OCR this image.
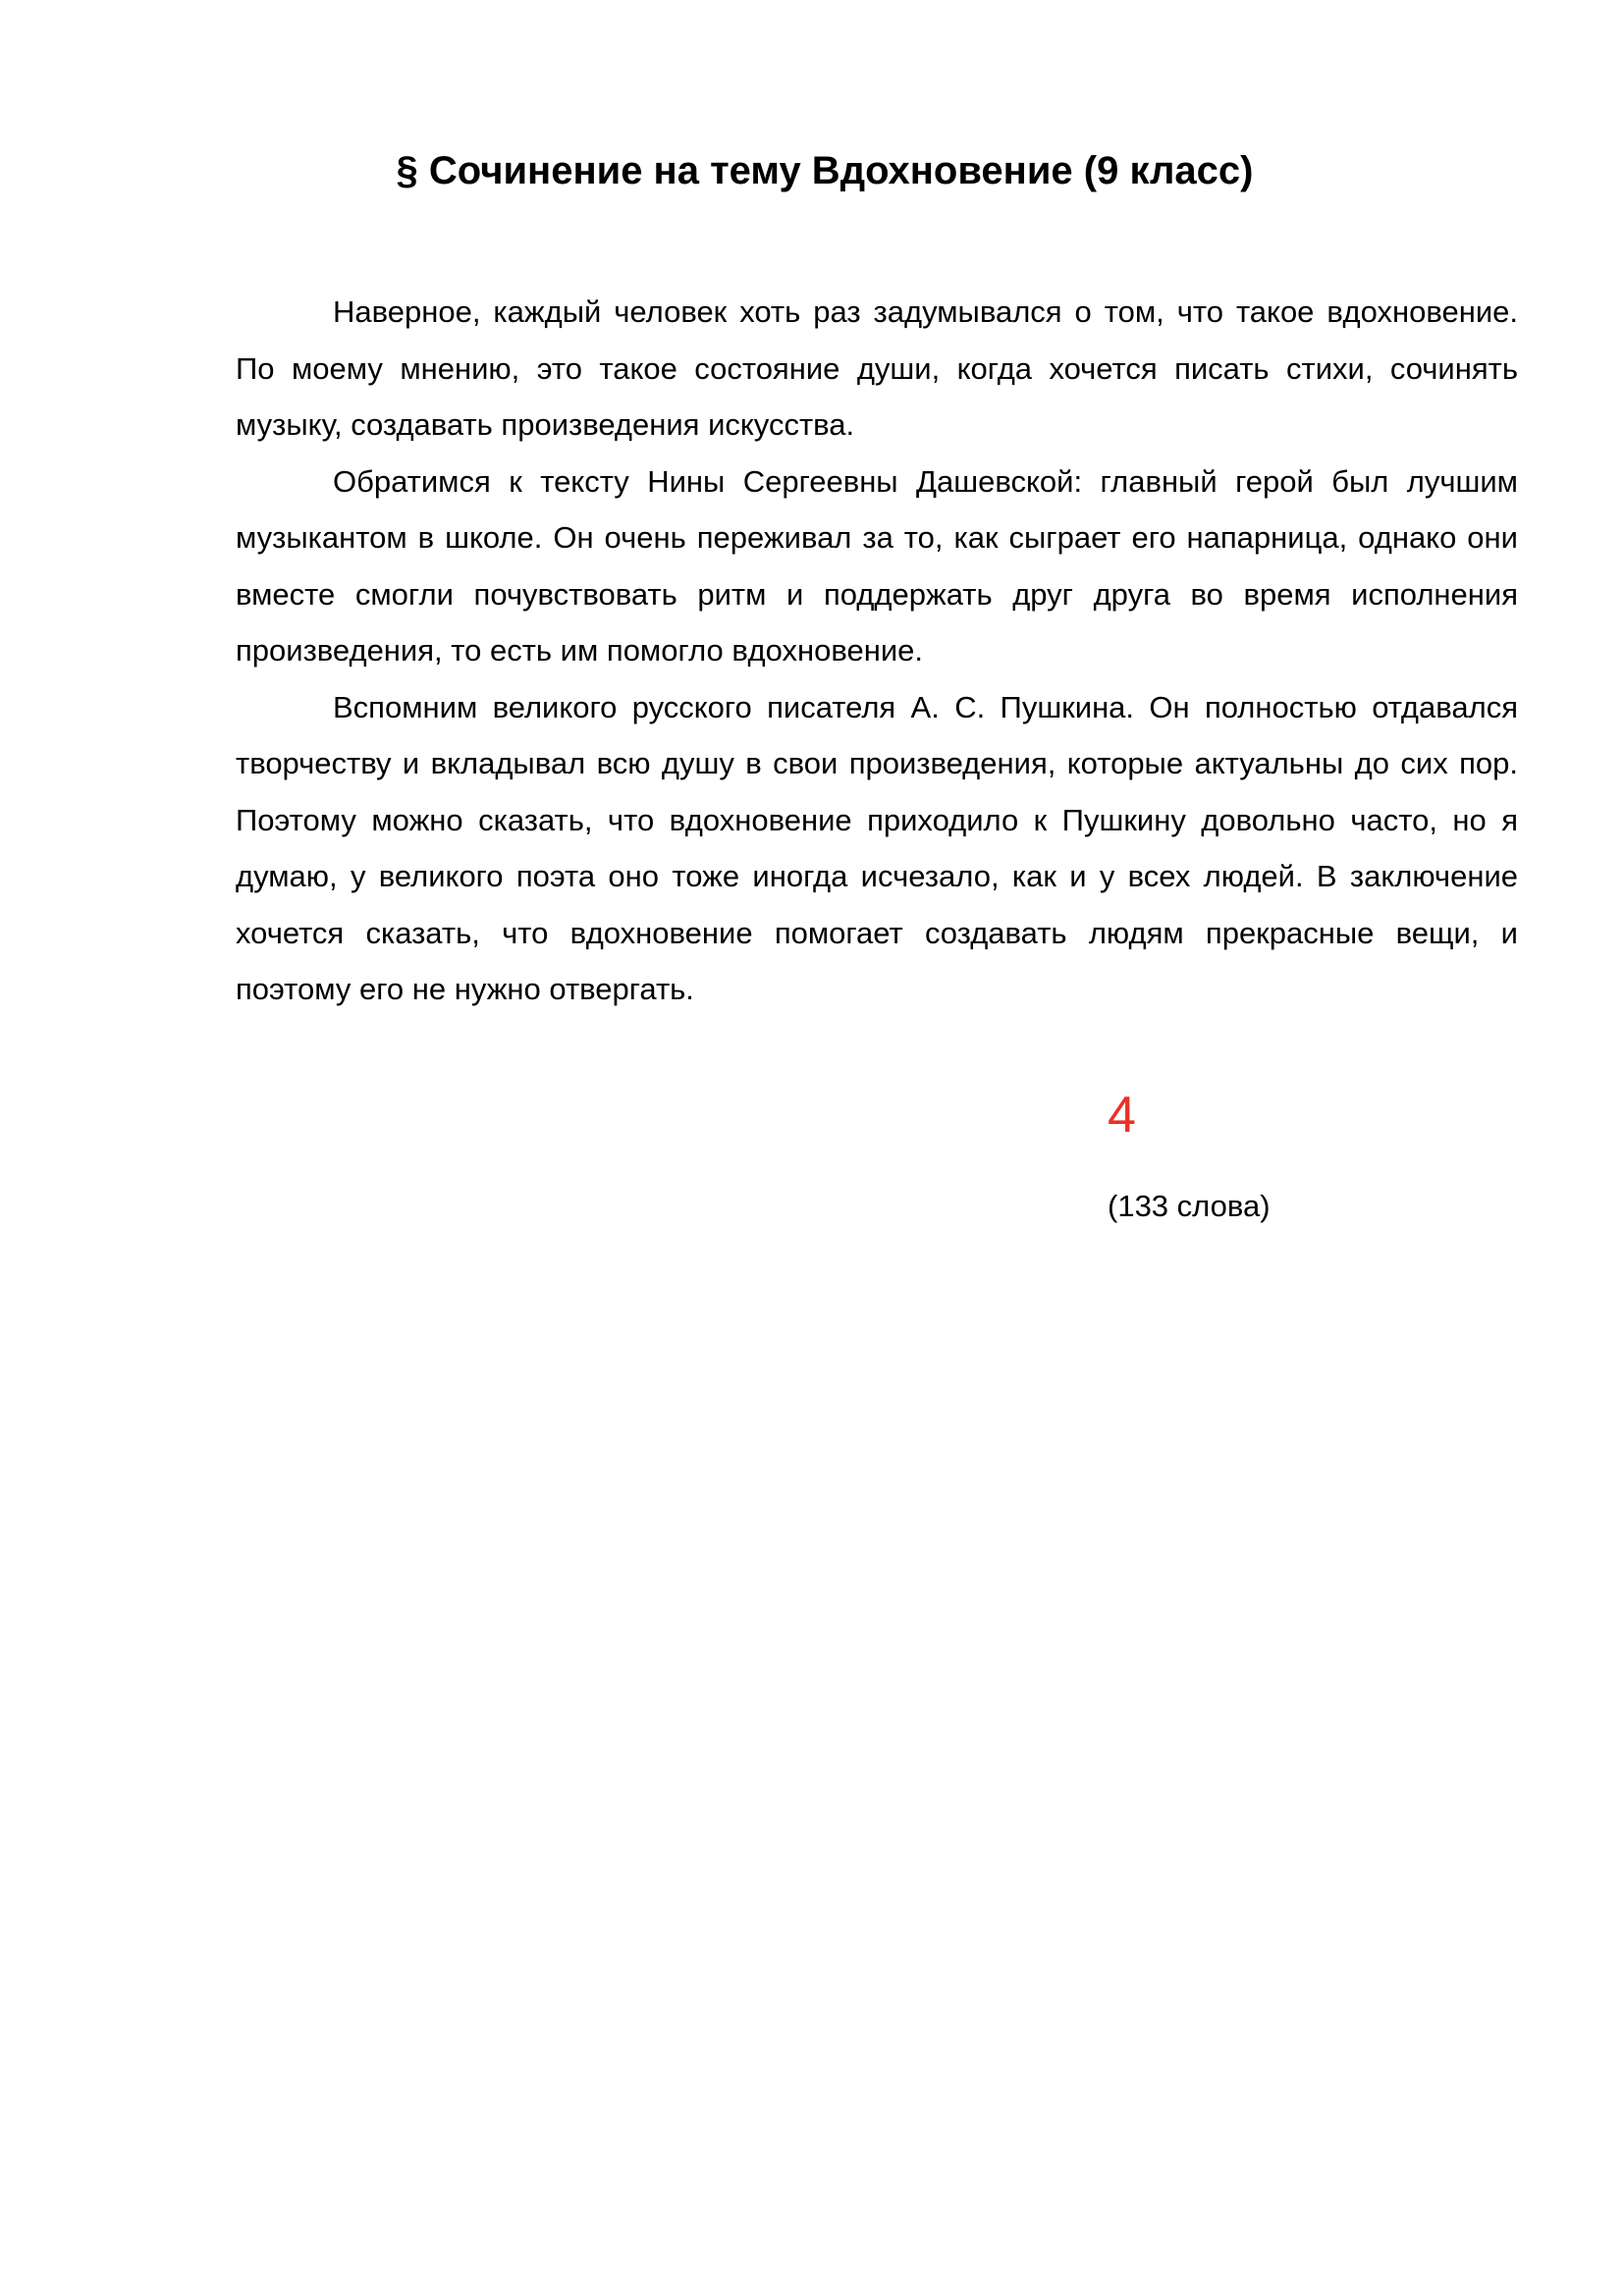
§ Сочинение на тему Вдохновение (9 класс)

Наверное, каждый человек хоть раз задумывался о том, что такое вдохновение. По моему мнению, это такое состояние души, когда хочется писать стихи, сочинять музыку, создавать произведения искусства.

Обратимся к тексту Нины Сергеевны Дашевской: главный герой был лучшим музыкантом в школе. Он очень переживал за то, как сыграет его напарница, однако они вместе смогли почувствовать ритм и поддержать друг друга во время исполнения произведения, то есть им помогло вдохновение.

Вспомним великого русского писателя А. С. Пушкина. Он полностью отдавался творчеству и вкладывал всю душу в свои произведения, которые актуальны до сих пор. Поэтому можно сказать, что вдохновение приходило к Пушкину довольно часто, но я думаю, у великого поэта оно тоже иногда исчезало, как и у всех людей. В заключение хочется сказать, что вдохновение помогает создавать людям прекрасные вещи, и поэтому его не нужно отвергать.

4
(133 слова)
